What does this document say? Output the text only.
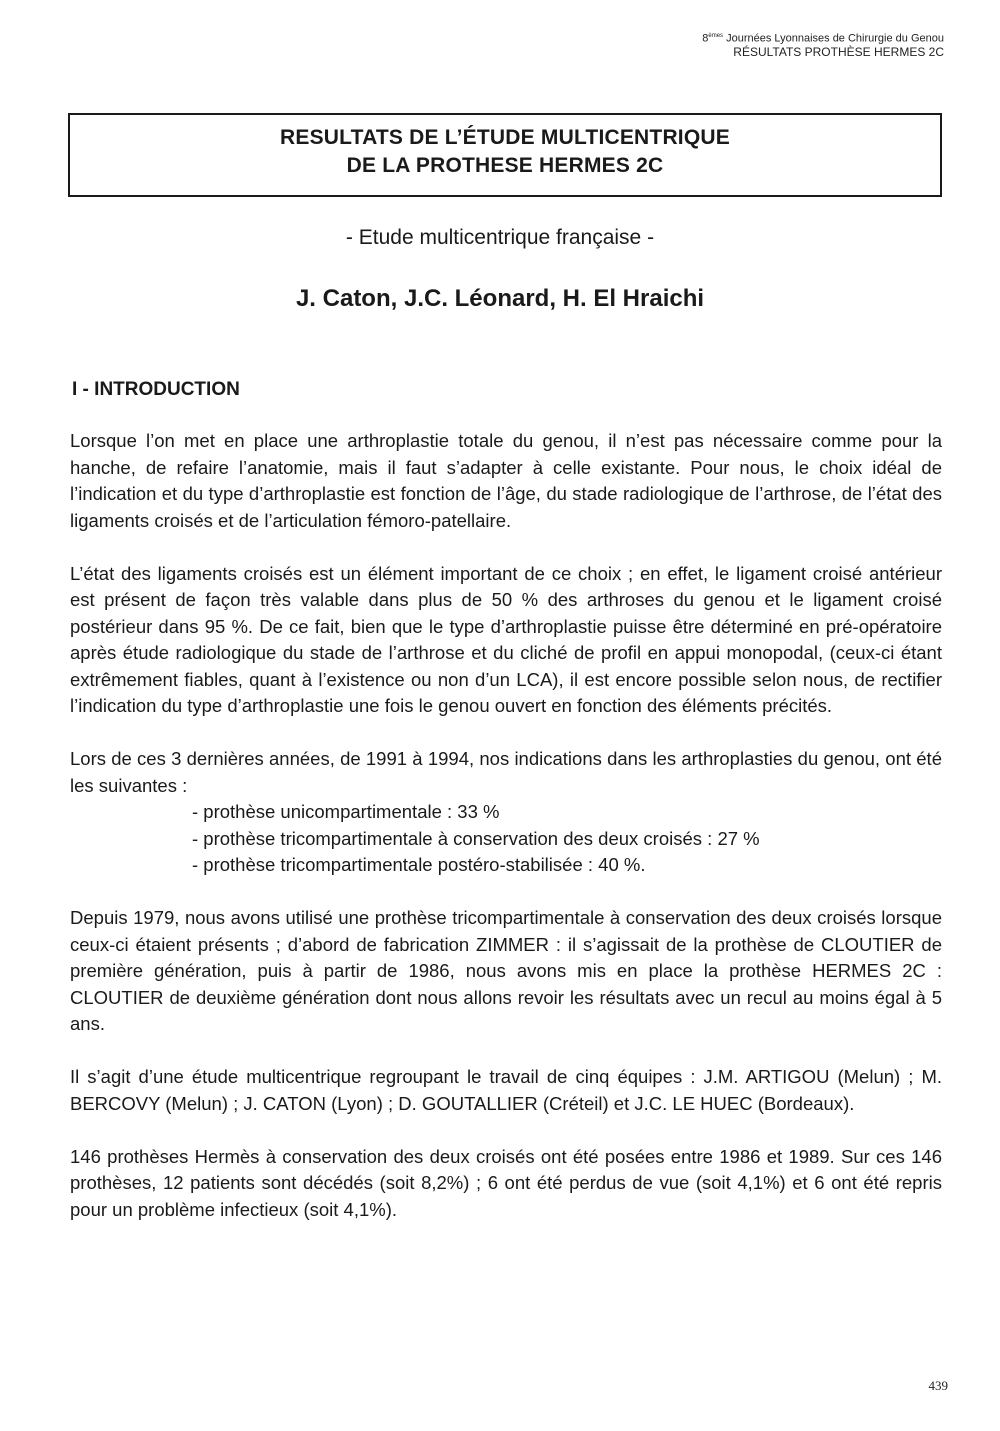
8èmes Journées Lyonnaises de Chirurgie du Genou
RÉSULTATS PROTHÈSE HERMES 2C
RESULTATS DE L’ÉTUDE MULTICENTRIQUE
DE LA PROTHESE HERMES 2C
- Etude multicentrique française -
J. Caton, J.C. Léonard, H. El Hraichi
I - INTRODUCTION

Lorsque l’on met en place une arthroplastie totale du genou, il n’est pas nécessaire comme pour la hanche, de refaire l’anatomie, mais il faut s’adapter à celle existante. Pour nous, le choix idéal de l’indication et du type d’arthroplastie est fonction de l’âge, du stade radiologique de l’arthrose, de l’état des ligaments croisés et de l’articulation fémoro-patellaire.

L’état des ligaments croisés est un élément important de ce choix ; en effet, le ligament croisé antérieur est présent de façon très valable dans plus de 50 % des arthroses du genou et le ligament croisé postérieur dans 95 %. De ce fait, bien que le type d’arthroplastie puisse être déterminé en pré-opératoire après étude radiologique du stade de l’arthrose et du cliché de profil en appui monopodal, (ceux-ci étant extrêmement fiables, quant à l’existence ou non d’un LCA), il est encore possible selon nous, de rectifier l’indication du type d’arthroplastie une fois le genou ouvert en fonction des éléments précités.

Lors de ces 3 dernières années, de 1991 à 1994, nos indications dans les arthroplasties du genou, ont été les suivantes :

- prothèse unicompartimentale : 33 %
- prothèse tricompartimentale à conservation des deux croisés : 27 %
- prothèse tricompartimentale postéro-stabilisée : 40 %.

Depuis 1979, nous avons utilisé une prothèse tricompartimentale à conservation des deux croisés lorsque ceux-ci étaient présents ; d’abord de fabrication ZIMMER : il s’agissait de la prothèse de CLOUTIER de première génération, puis à partir de 1986, nous avons mis en place la prothèse HERMES 2C : CLOUTIER de deuxième génération dont nous allons revoir les résultats avec un recul au moins égal à 5 ans.

Il s’agit d’une étude multicentrique regroupant le travail de cinq équipes : J.M. ARTIGOU (Melun) ; M. BERCOVY (Melun) ; J. CATON (Lyon) ; D. GOUTALLIER (Créteil) et J.C. LE HUEC (Bordeaux).

146 prothèses Hermès à conservation des deux croisés ont été posées entre 1986 et 1989. Sur ces 146 prothèses, 12 patients sont décédés (soit 8,2%) ; 6 ont été perdus de vue (soit 4,1%) et 6 ont été repris pour un problème infectieux (soit 4,1%).

439
